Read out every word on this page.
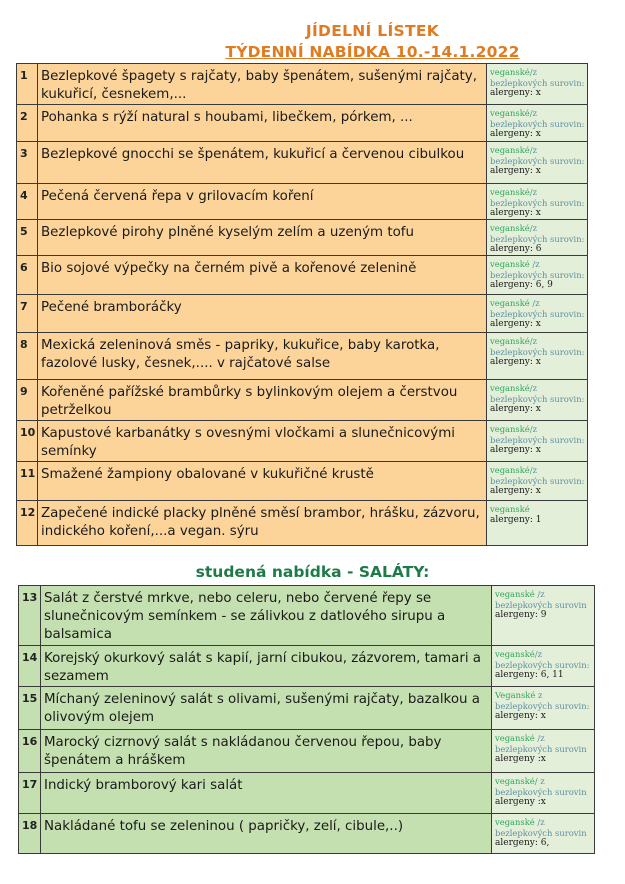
JÍDELNÍ LÍSTEK
TÝDENNÍ NABÍDKA 10.-14.1.2022
1	Bezlepkové špagety s rajčaty, baby špenátem, sušenými rajčaty, kukuřicí, česnekem,...	veganské/z bezlepkových surovin:
alergeny: x

2	Pohanka s rýží natural s houbami, libečkem, pórkem, ...	veganské/z bezlepkových surovin:
alergeny: x

3	Bezlepkové gnocchi se špenátem, kukuřicí a červenou cibulkou	veganské/z bezlepkových surovin:
alergeny: x

4	Pečená červená řepa v grilovacím koření	veganské/z bezlepkových surovin:
alergeny: x

5	Bezlepkové pirohy plněné kyselým zelím a uzeným tofu	veganské/z bezlepkových surovin:
alergeny: 6

6	Bio sojové výpečky na černém pivě a kořenové zelenině	veganské /z bezlepkových surovin:
alergeny: 6, 9

7	Pečené bramboráčky	veganské /z bezlepkových surovin:
alergeny: x

8	Mexická zeleninová směs - papriky, kukuřice, baby karotka, fazolové lusky, česnek,.... v rajčatové salse	veganské/z bezlepkových surovin:
alergeny: x

9	Kořeněné pařížské brambůrky s bylinkovým olejem a čerstvou petrželkou	veganské/z bezlepkových surovin:
alergeny: x

10	Kapustové karbanátky s ovesnými vločkami a slunečnicovými semínky	veganské/z bezlepkových surovin:
alergeny: x

11	Smažené žampiony obalované v kukuřičné krustě	veganské/z bezlepkových surovin:
alergeny: x

12	Zapečené indické placky plněné směsí brambor, hrášku, zázvoru, indického koření,...a vegan. sýru	veganské
alergeny: 1
studená nabídka - SALÁTY:
13	Salát z čerstvé mrkve, nebo celeru, nebo červené řepy se slunečnicovým semínkem - se zálivkou z datlového sirupu a balsamica	veganské /z bezlepkových surovin
alergeny: 9

14	Korejský okurkový salát s kapií, jarní cibukou, zázvorem, tamari a sezamem	veganské/z bezlepkových surovin:
alergeny: 6, 11

15	Míchaný zeleninový salát s olivami, sušenými rajčaty, bazalkou a olivovým olejem	Veganské z bezlepkových surovin:
alergeny: x

16	Marocký cizrnový salát s nakládanou červenou řepou, baby špenátem a hráškem	veganské /z bezlepkových surovin
alergeny :x

17	Indický bramborový kari salát	veganské/ z bezlepkových surovin
alergeny :x

18	Nakládané tofu se zeleninou ( papričky, zelí, cibule,..)	veganské /z bezlepkových surovin
alergeny: 6,
